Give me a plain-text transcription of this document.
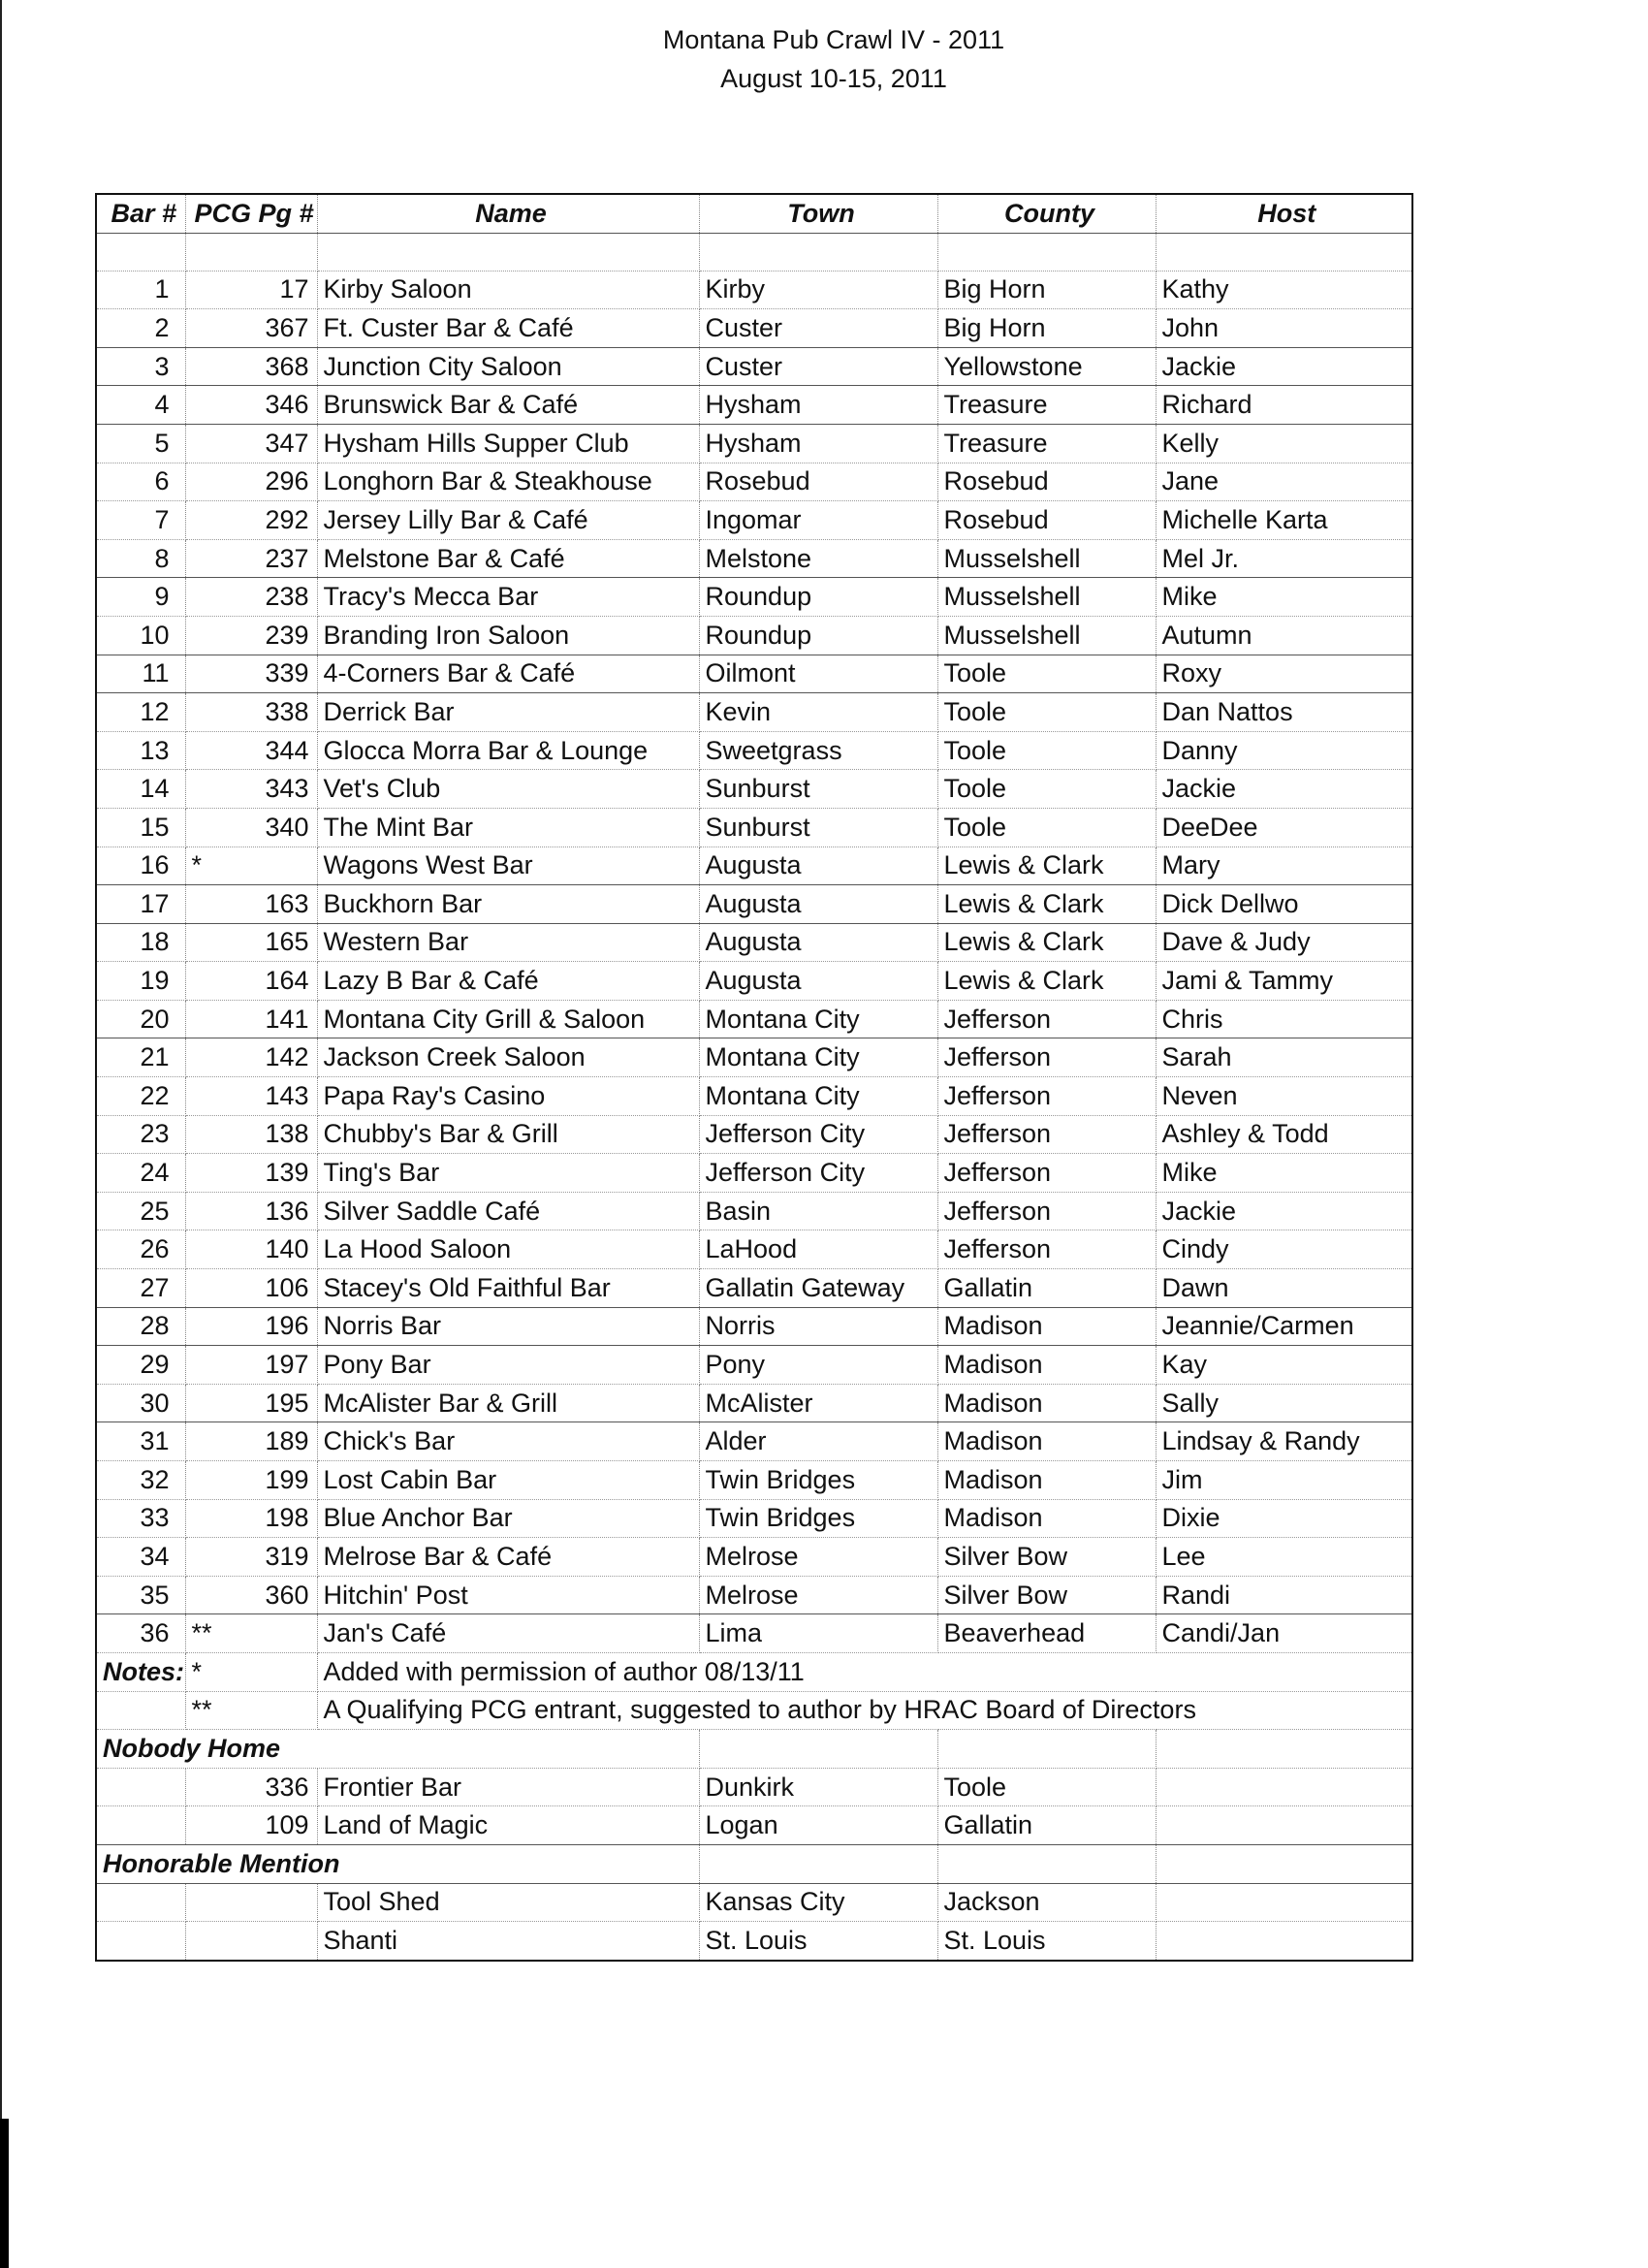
Montana Pub Crawl IV - 2011
August 10-15, 2011
Bar #	PCG Pg #	Name	Town	County	Host

1	17	Kirby Saloon	Kirby	Big Horn	Kathy
2	367	Ft. Custer Bar & Café	Custer	Big Horn	John
3	368	Junction City Saloon	Custer	Yellowstone	Jackie
4	346	Brunswick Bar & Café	Hysham	Treasure	Richard
5	347	Hysham Hills Supper Club	Hysham	Treasure	Kelly
6	296	Longhorn Bar & Steakhouse	Rosebud	Rosebud	Jane
7	292	Jersey Lilly Bar & Café	Ingomar	Rosebud	Michelle Karta
8	237	Melstone Bar & Café	Melstone	Musselshell	Mel Jr.
9	238	Tracy's Mecca Bar	Roundup	Musselshell	Mike
10	239	Branding Iron Saloon	Roundup	Musselshell	Autumn
11	339	4-Corners Bar & Café	Oilmont	Toole	Roxy
12	338	Derrick Bar	Kevin	Toole	Dan Nattos
13	344	Glocca Morra Bar & Lounge	Sweetgrass	Toole	Danny
14	343	Vet's Club	Sunburst	Toole	Jackie
15	340	The Mint Bar	Sunburst	Toole	DeeDee
16	*	Wagons West Bar	Augusta	Lewis & Clark	Mary
17	163	Buckhorn Bar	Augusta	Lewis & Clark	Dick Dellwo
18	165	Western Bar	Augusta	Lewis & Clark	Dave & Judy
19	164	Lazy B Bar & Café	Augusta	Lewis & Clark	Jami & Tammy
20	141	Montana City Grill & Saloon	Montana City	Jefferson	Chris
21	142	Jackson Creek Saloon	Montana City	Jefferson	Sarah
22	143	Papa Ray's Casino	Montana City	Jefferson	Neven
23	138	Chubby's Bar & Grill	Jefferson City	Jefferson	Ashley & Todd
24	139	Ting's Bar	Jefferson City	Jefferson	Mike
25	136	Silver Saddle Café	Basin	Jefferson	Jackie
26	140	La Hood Saloon	LaHood	Jefferson	Cindy
27	106	Stacey's Old Faithful Bar	Gallatin Gateway	Gallatin	Dawn
28	196	Norris Bar	Norris	Madison	Jeannie/Carmen
29	197	Pony Bar	Pony	Madison	Kay
30	195	McAlister Bar & Grill	McAlister	Madison	Sally
31	189	Chick's Bar	Alder	Madison	Lindsay & Randy
32	199	Lost Cabin Bar	Twin Bridges	Madison	Jim
33	198	Blue Anchor Bar	Twin Bridges	Madison	Dixie
34	319	Melrose Bar & Café	Melrose	Silver Bow	Lee
35	360	Hitchin' Post	Melrose	Silver Bow	Randi
36	**	Jan's Café	Lima	Beaverhead	Candi/Jan
Notes:	*	Added with permission of author 08/13/11			
	**	A Qualifying PCG entrant, suggested to author by HRAC Board of Directors			
Nobody Home					
	336	Frontier Bar	Dunkirk	Toole	
	109	Land of Magic	Logan	Gallatin	
Honorable Mention					
		Tool Shed	Kansas City	Jackson	
		Shanti	St. Louis	St. Louis	
